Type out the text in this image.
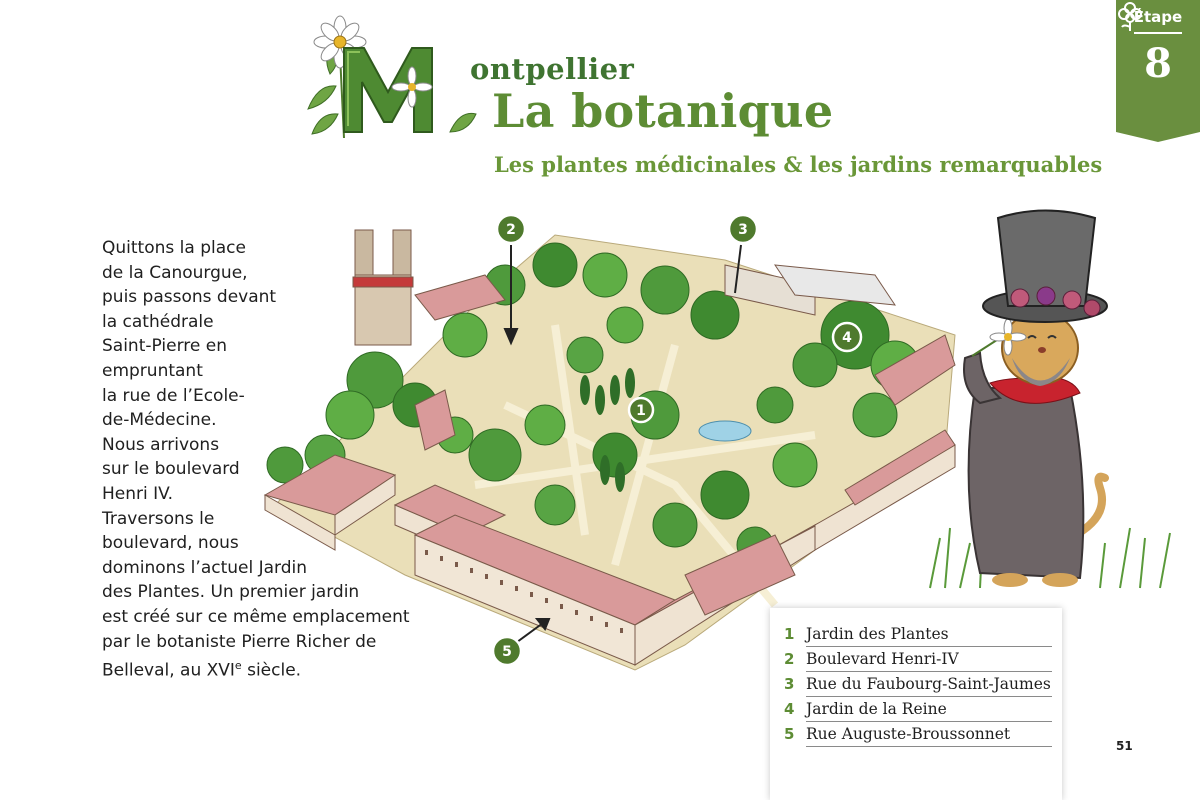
ontpellier
La botanique
Les plantes médicinales & les jardins remarquables
Étape
8
Quittons la place
de la Canourgue,
puis passons devant
la cathédrale
Saint-Pierre en
empruntant
la rue de l’Ecole-
de-Médecine.
Nous arrivons
sur le boulevard
Henri IV.
Traversons le
boulevard, nous
dominons l’actuel Jardin
des Plantes. Un premier jardin
est créé sur ce même emplacement
par le botaniste Pierre Richer de
Belleval, au XVIe siècle.
1
2	3
4
5
1 Jardin des Plantes
2 Boulevard Henri-IV
3 Rue du Faubourg-Saint-Jaumes
4 Jardin de la Reine
5 Rue Auguste-Broussonnet

51
